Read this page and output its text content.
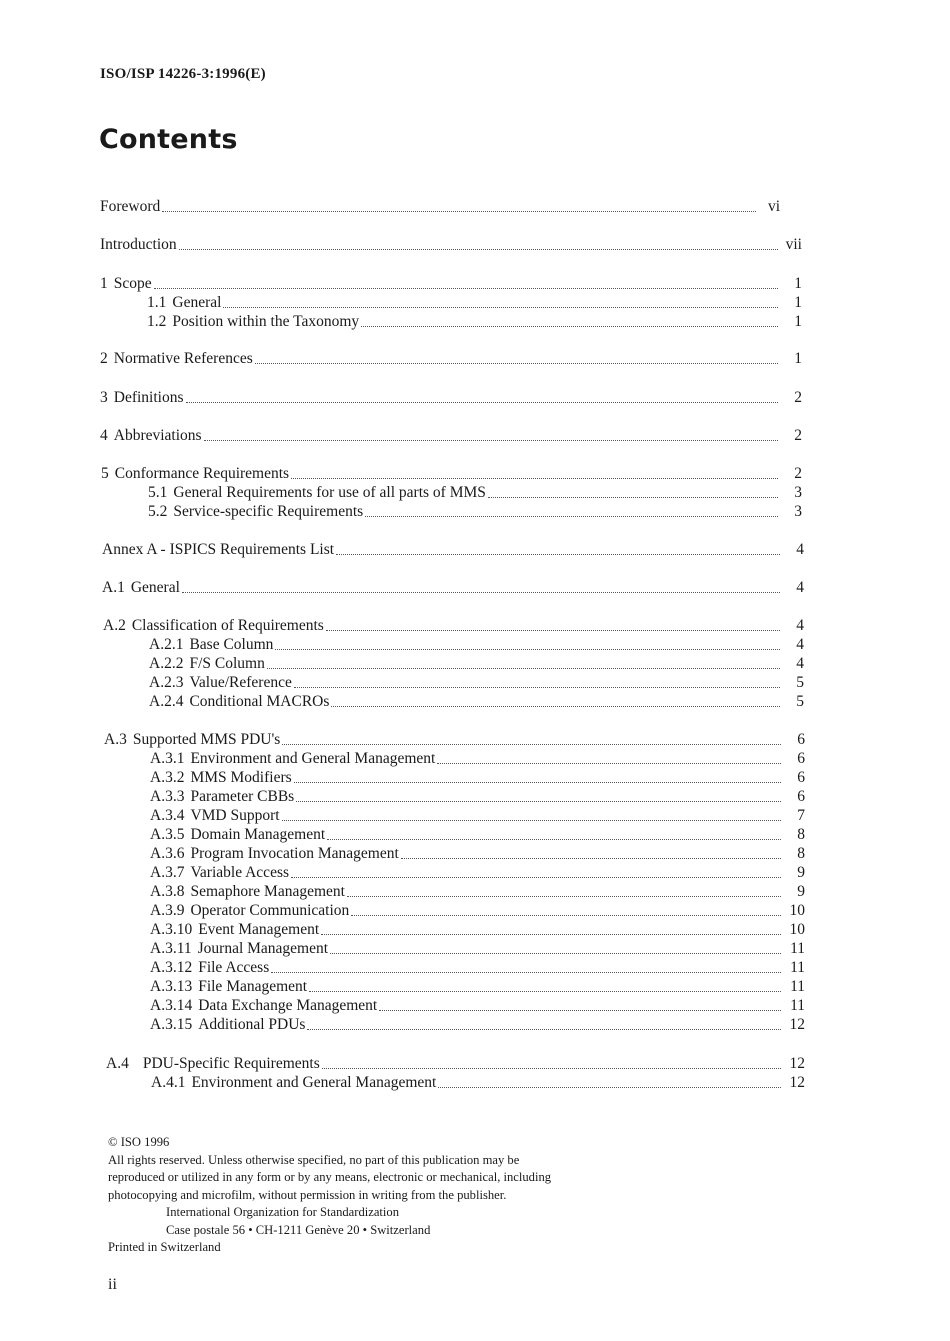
ISO/ISP 14226-3:1996(E)
Contents
Foreword	vi
Introduction	vii
1 Scope	1
1.1 General	1
1.2 Position within the Taxonomy	1
2 Normative References	1
3 Definitions	2
4 Abbreviations	2
5 Conformance Requirements	2
5.1 General Requirements for use of all parts of MMS	3
5.2 Service-specific Requirements	3
Annex A - ISPICS Requirements List	4
A.1 General	4
A.2 Classification of Requirements	4
A.2.1 Base Column	4
A.2.2 F/S Column	4
A.2.3 Value/Reference	5
A.2.4 Conditional MACROs	5
A.3 Supported MMS PDU's	6
A.3.1 Environment and General Management	6
A.3.2 MMS Modifiers	6
A.3.3 Parameter CBBs	6
A.3.4 VMD Support	7
A.3.5 Domain Management	8
A.3.6 Program Invocation Management	8
A.3.7 Variable Access	9
A.3.8 Semaphore Management	9
A.3.9 Operator Communication	10
A.3.10 Event Management	10
A.3.11 Journal Management	11
A.3.12 File Access	11
A.3.13 File Management	11
A.3.14 Data Exchange Management	11
A.3.15 Additional PDUs	12
A.4 PDU-Specific Requirements	12
A.4.1 Environment and General Management	12
© ISO 1996
All rights reserved. Unless otherwise specified, no part of this publication may be
reproduced or utilized in any form or by any means, electronic or mechanical, including
photocopying and microfilm, without permission in writing from the publisher.
International Organization for Standardization
Case postale 56 • CH-1211 Genève 20 • Switzerland
Printed in Switzerland
ii
